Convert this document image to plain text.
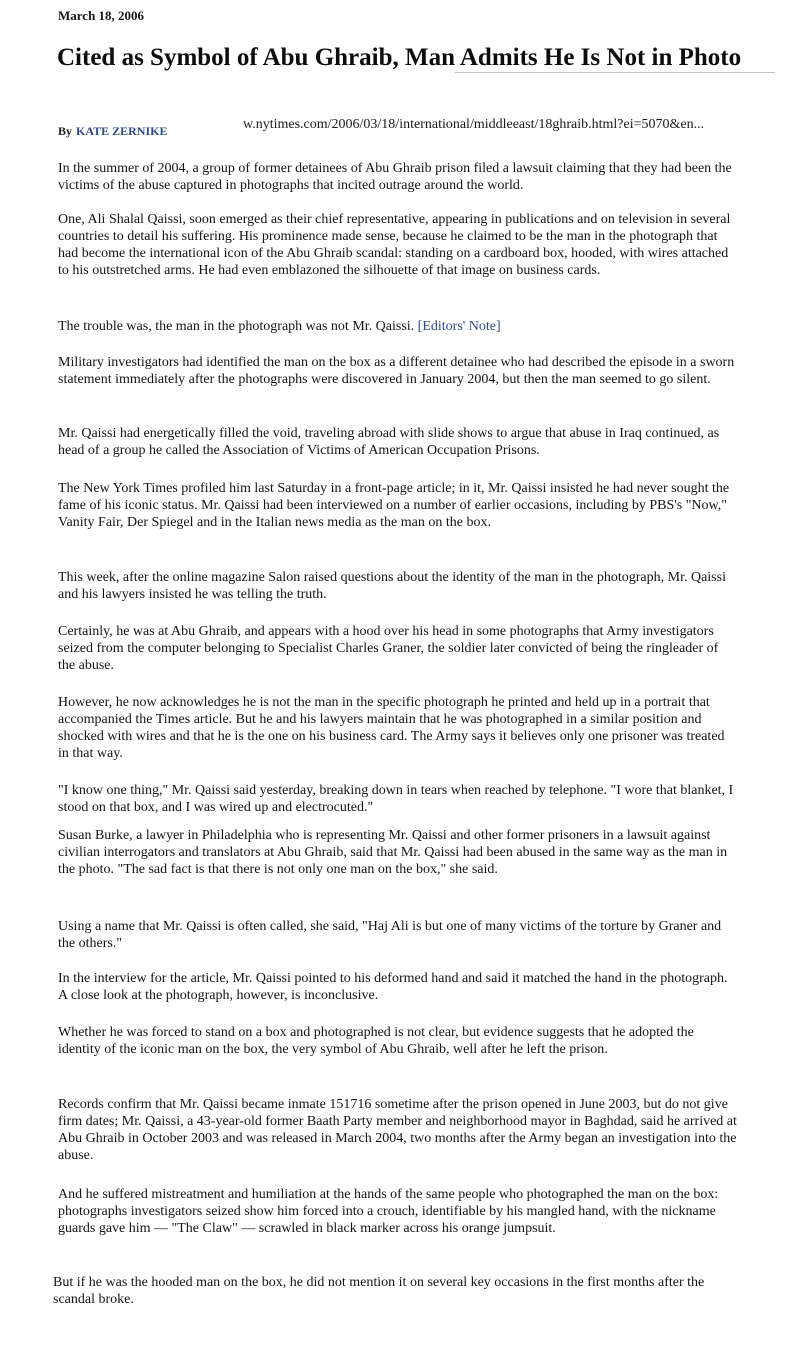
March 18, 2006
Cited as Symbol of Abu Ghraib, Man Admits He Is Not in Photo
By KATE ZERNIKE	w.nytimes.com/2006/03/18/international/middleeast/18ghraib.html?ei=5070&en...

In the summer of 2004, a group of former detainees of Abu Ghraib prison filed a lawsuit claiming that they had been the victims of the abuse captured in photographs that incited outrage around the world.

One, Ali Shalal Qaissi, soon emerged as their chief representative, appearing in publications and on television in several countries to detail his suffering. His prominence made sense, because he claimed to be the man in the photograph that had become the international icon of the Abu Ghraib scandal: standing on a cardboard box, hooded, with wires attached to his outstretched arms. He had even emblazoned the silhouette of that image on business cards.

The trouble was, the man in the photograph was not Mr. Qaissi. [Editors' Note]

Military investigators had identified the man on the box as a different detainee who had described the episode in a sworn statement immediately after the photographs were discovered in January 2004, but then the man seemed to go silent.

Mr. Qaissi had energetically filled the void, traveling abroad with slide shows to argue that abuse in Iraq continued, as head of a group he called the Association of Victims of American Occupation Prisons.

The New York Times profiled him last Saturday in a front-page article; in it, Mr. Qaissi insisted he had never sought the fame of his iconic status. Mr. Qaissi had been interviewed on a number of earlier occasions, including by PBS's "Now," Vanity Fair, Der Spiegel and in the Italian news media as the man on the box.

This week, after the online magazine Salon raised questions about the identity of the man in the photograph, Mr. Qaissi and his lawyers insisted he was telling the truth.

Certainly, he was at Abu Ghraib, and appears with a hood over his head in some photographs that Army investigators seized from the computer belonging to Specialist Charles Graner, the soldier later convicted of being the ringleader of the abuse.

However, he now acknowledges he is not the man in the specific photograph he printed and held up in a portrait that accompanied the Times article. But he and his lawyers maintain that he was photographed in a similar position and shocked with wires and that he is the one on his business card. The Army says it believes only one prisoner was treated in that way.

"I know one thing," Mr. Qaissi said yesterday, breaking down in tears when reached by telephone. "I wore that blanket, I stood on that box, and I was wired up and electrocuted."

Susan Burke, a lawyer in Philadelphia who is representing Mr. Qaissi and other former prisoners in a lawsuit against civilian interrogators and translators at Abu Ghraib, said that Mr. Qaissi had been abused in the same way as the man in the photo. "The sad fact is that there is not only one man on the box," she said.

Using a name that Mr. Qaissi is often called, she said, "Haj Ali is but one of many victims of the torture by Graner and the others."

In the interview for the article, Mr. Qaissi pointed to his deformed hand and said it matched the hand in the photograph. A close look at the photograph, however, is inconclusive.

Whether he was forced to stand on a box and photographed is not clear, but evidence suggests that he adopted the identity of the iconic man on the box, the very symbol of Abu Ghraib, well after he left the prison.

Records confirm that Mr. Qaissi became inmate 151716 sometime after the prison opened in June 2003, but do not give firm dates; Mr. Qaissi, a 43-year-old former Baath Party member and neighborhood mayor in Baghdad, said he arrived at Abu Ghraib in October 2003 and was released in March 2004, two months after the Army began an investigation into the abuse.

And he suffered mistreatment and humiliation at the hands of the same people who photographed the man on the box: photographs investigators seized show him forced into a crouch, identifiable by his mangled hand, with the nickname guards gave him — "The Claw" — scrawled in black marker across his orange jumpsuit.

But if he was the hooded man on the box, he did not mention it on several key occasions in the first months after the scandal broke.
